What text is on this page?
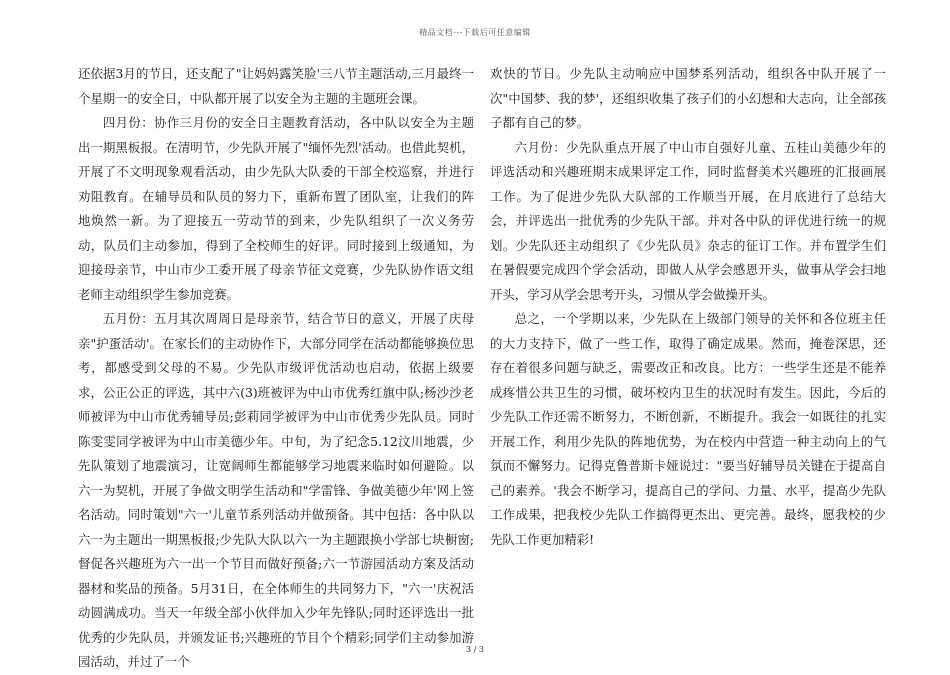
精品文档---下载后可任意编辑

还依据3月的节日，还支配了"让妈妈露笑脸'三八节主题活动,三月最终一个星期一的安全日，中队都开展了以安全为主题的主题班会课。

四月份：协作三月份的安全日主题教育活动，各中队以安全为主题出一期黑板报。在清明节，少先队开展了"缅怀先烈'活动。也借此契机，开展了不文明现象观看活动，由少先队大队委的干部全校巡察，并进行劝阻教育。在辅导员和队员的努力下，重新布置了团队室，让我们的阵地焕然一新。为了迎接五一劳动节的到来，少先队组织了一次义务劳动，队员们主动参加，得到了全校师生的好评。同时接到上级通知，为迎接母亲节，中山市少工委开展了母亲节征文竞赛，少先队协作语文组老师主动组织学生参加竞赛。

五月份：五月其次周周日是母亲节，结合节日的意义，开展了庆母亲"护蛋活动'。在家长们的主动协作下，大部分同学在活动都能够换位思考，都感受到父母的不易。少先队市级评优活动也启动，依据上级要求，公正公正的评选，其中六(3)班被评为中山市优秀红旗中队;杨沙沙老师被评为中山市优秀辅导员;彭莉同学被评为中山市优秀少先队员。同时陈雯雯同学被评为中山市美德少年。中旬，为了纪念5.12汶川地震，少先队策划了地震演习，让宽阔师生都能够学习地震来临时如何避险。以六一为契机，开展了争做文明学生活动和"学雷锋、争做美德少年'网上签名活动。同时策划"六一'儿童节系列活动并做预备。其中包括：各中队以六一为主题出一期黑板报;少先队大队以六一为主题跟换小学部七块橱窗;督促各兴趣班为六一出一个节目而做好预备;六一节游园活动方案及活动器材和奖品的预备。5月31日，在全体师生的共同努力下，"六一'庆祝活动圆满成功。当天一年级全部小伙伴加入少年先锋队;同时还评选出一批优秀的少先队员，并颁发证书;兴趣班的节目个个精彩;同学们主动参加游园活动，并过了一个

欢快的节日。少先队主动响应中国梦系列活动，组织各中队开展了一次"中国梦、我的梦'，还组织收集了孩子们的小幻想和大志向，让全部孩子都有自己的梦。

六月份：少先队重点开展了中山市自强好儿童、五桂山美德少年的评选活动和兴趣班期末成果评定工作，同时监督美术兴趣班的汇报画展工作。为了促进少先队大队部的工作顺当开展，在月底进行了总结大会，并评选出一批优秀的少先队干部。并对各中队的评优进行统一的规划。少先队还主动组织了《少先队员》杂志的征订工作。并布置学生们在暑假要完成四个学会活动，即做人从学会感恩开头，做事从学会扫地开头，学习从学会思考开头，习惯从学会做操开头。

总之，一个学期以来，少先队在上级部门领导的关怀和各位班主任的大力支持下，做了一些工作，取得了确定成果。然而，掩卷深思，还存在着很多问题与缺乏，需要改正和改良。比方：一些学生还是不能养成疼惜公共卫生的习惯，破坏校内卫生的状况时有发生。因此，今后的少先队工作还需不断努力，不断创新，不断提升。我会一如既往的扎实开展工作，利用少先队的阵地优势，为在校内中营造一种主动向上的气氛而不懈努力。记得克鲁普斯卡娅说过："要当好辅导员关键在于提高自己的素养。'我会不断学习，提高自己的学问、力量、水平，提高少先队工作成果，把我校少先队工作搞得更杰出、更完善。最终，愿我校的少先队工作更加精彩!

3 / 3
